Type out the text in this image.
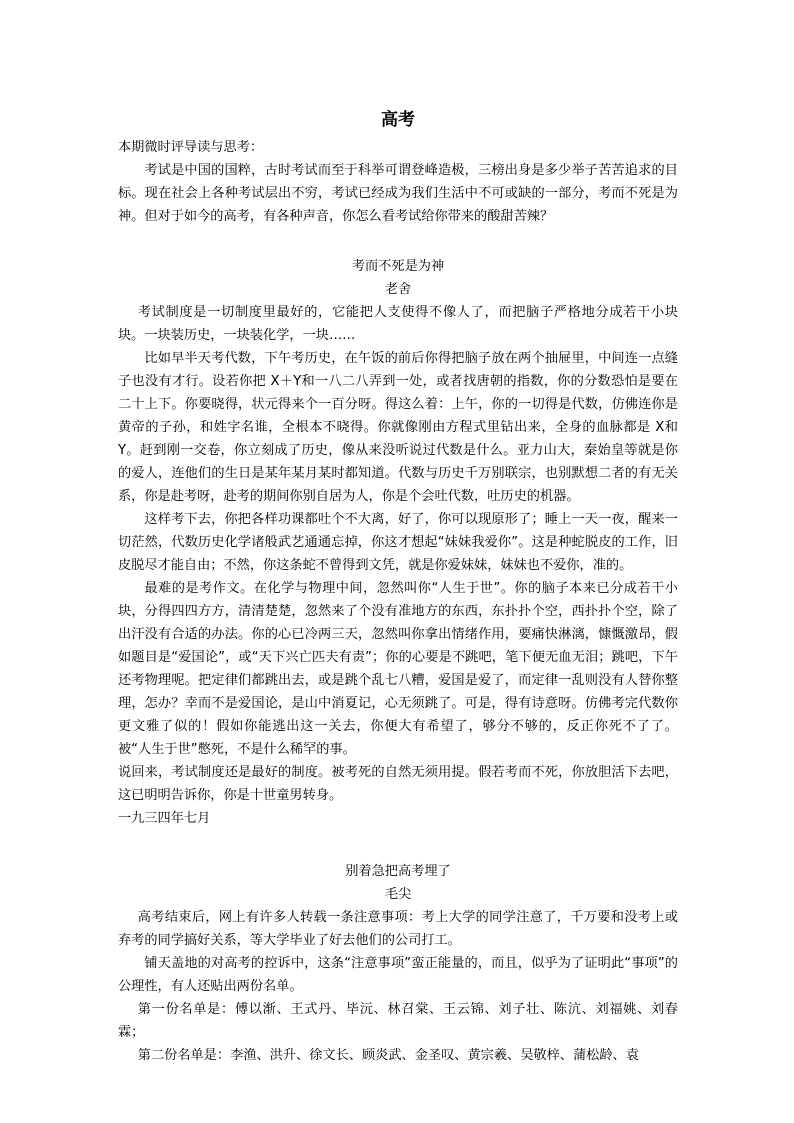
高考

本期微时评导读与思考：

考试是中国的国粹，古时考试而至于科举可谓登峰造极，三榜出身是多少举子苦苦追求的目标。现在社会上各种考试层出不穷，考试已经成为我们生活中不可或缺的一部分，考而不死是为神。但对于如今的高考，有各种声音，你怎么看考试给你带来的酸甜苦辣？

考而不死是为神

老舍

考试制度是一切制度里最好的，它能把人支使得不像人了，而把脑子严格地分成若干小块块。一块装历史，一块装化学，一块……

比如早半天考代数，下午考历史，在午饭的前后你得把脑子放在两个抽屉里，中间连一点缝子也没有才行。设若你把 X＋Y和一八二八弄到一处，或者找唐朝的指数，你的分数恐怕是要在二十上下。你要晓得，状元得来个一百分呀。得这么着：上午，你的一切得是代数，仿佛连你是黄帝的子孙，和姓字名谁，全根本不晓得。你就像刚由方程式里钻出来，全身的血脉都是 X和 Y。赶到刚一交卷，你立刻成了历史，像从来没听说过代数是什么。亚力山大，秦始皇等就是你的爱人，连他们的生日是某年某月某时都知道。代数与历史千万别联宗，也别默想二者的有无关系，你是赴考呀，赴考的期间你别自居为人，你是个会吐代数，吐历史的机器。

这样考下去，你把各样功课都吐个不大离，好了，你可以现原形了；睡上一天一夜，醒来一切茫然，代数历史化学诸般武艺通通忘掉，你这才想起“妹妹我爱你”。这是种蛇脱皮的工作，旧皮脱尽才能自由；不然，你这条蛇不曾得到文凭，就是你爱妹妹，妹妹也不爱你，准的。

最难的是考作文。在化学与物理中间，忽然叫你“人生于世”。你的脑子本来已分成若干小块，分得四四方方，清清楚楚，忽然来了个没有准地方的东西，东扑扑个空，西扑扑个空，除了出汗没有合适的办法。你的心已冷两三天，忽然叫你拿出情绪作用，要痛快淋漓，慷慨激昂，假如题目是“爱国论”，或“天下兴亡匹夫有责”；你的心要是不跳吧，笔下便无血无泪；跳吧，下午还考物理呢。把定律们都跳出去，或是跳个乱七八糟，爱国是爱了，而定律一乱则没有人替你整理，怎办？幸而不是爱国论，是山中消夏记，心无须跳了。可是，得有诗意呀。仿佛考完代数你更文雅了似的！假如你能逃出这一关去，你便大有希望了，够分不够的，反正你死不了了。被“人生于世”憋死，不是什么稀罕的事。

说回来，考试制度还是最好的制度。被考死的自然无须用提。假若考而不死，你放胆活下去吧，这已明明告诉你，你是十世童男转身。

一九三四年七月

别着急把高考埋了

毛尖

高考结束后，网上有许多人转载一条注意事项：考上大学的同学注意了，千万要和没考上或弃考的同学搞好关系，等大学毕业了好去他们的公司打工。

铺天盖地的对高考的控诉中，这条“注意事项”蛮正能量的，而且，似乎为了证明此“事项”的公理性，有人还贴出两份名单。

第一份名单是：傅以渐、王式丹、毕沅、林召棠、王云锦、刘子壮、陈沆、刘福姚、刘春霖；

第二份名单是：李渔、洪升、徐文长、顾炎武、金圣叹、黄宗羲、吴敬梓、蒲松龄、袁
